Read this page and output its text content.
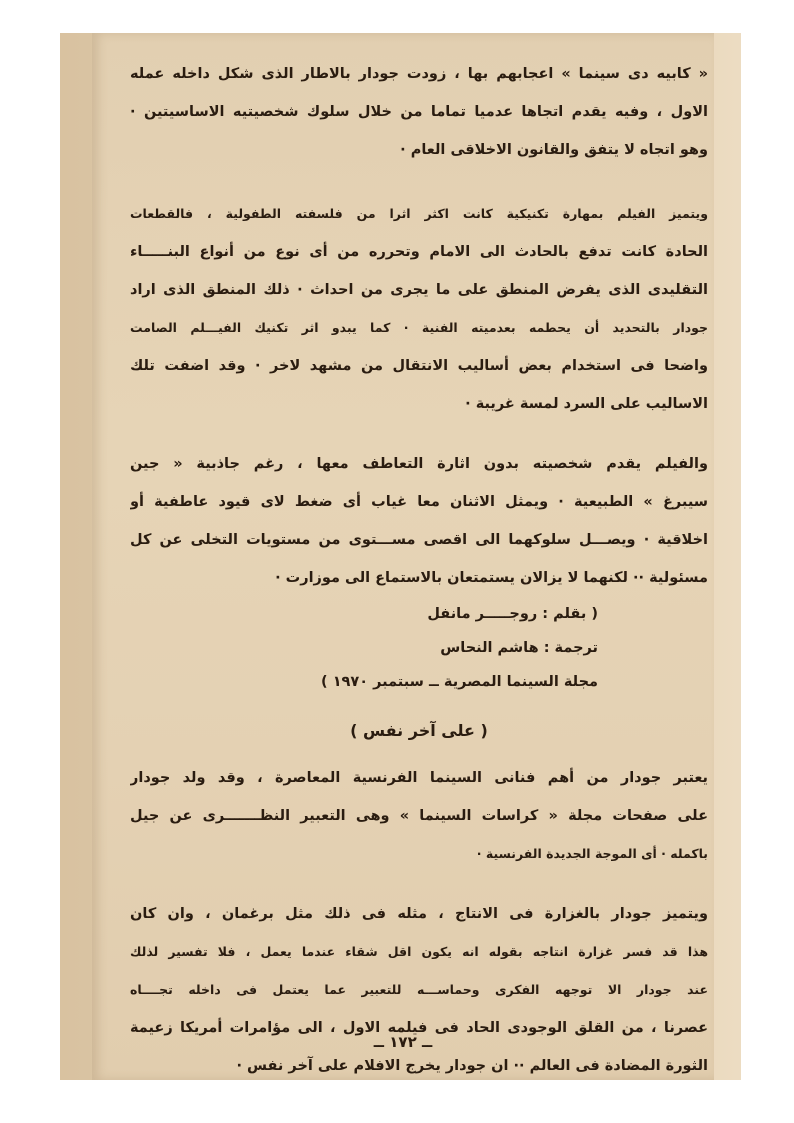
« كابيه دى سينما » اعجابهم بها ، زودت جودار بالاطار الذى شكل داخله عمله
الاول ، وفيه يقدم اتجاها عدميا تماما من خلال سلوك شخصيتيه الاساسيتين ·
وهو اتجاه لا يتفق والقانون الاخلاقى العام ·
ويتميز الفيلم بمهارة تكنيكية كانت اكثر اثرا من فلسفته الطفولية ، فالقطعات
الحادة كانت تدفع بالحادث الى الامام وتحرره من أى نوع من أنواع البنـــــاء
التقليدى الذى يفرض المنطق على ما يجرى من احداث · ذلك المنطق الذى اراد
جودار بالتحديد أن يحطمه بعدميته الفنية · كما يبدو اثر تكنيك الفيـــلم الصامت
واضحا فى استخدام بعض أساليب الانتقال من مشهد لاخر · وقد اضفت تلك
الاساليب على السرد لمسة غريبة ·
والفيلم يقدم شخصيته بدون اثارة التعاطف معها ، رغم جاذبية « جين
سيبرغ » الطبيعية · ويمثل الاثنان معا غياب أى ضغط لاى قيود عاطفية أو
اخلاقية · ويصـــل سلوكهما الى اقصى مســـتوى من مستويات التخلى عن كل
مسئولية ·· لكنهما لا يزالان يستمتعان بالاستماع الى موزارت ·
( بقلم : روجـــــر مانفل
ترجمة : هاشم النحاس
مجلة السينما المصرية ــ سبتمبر ١٩٧٠ )
( على آخر نفس )
يعتبر جودار من أهم فنانى السينما الفرنسية المعاصرة ، وقد ولد جودار
على صفحات مجلة « كراسات السينما » وهى التعبير النظـــــــرى عن جيل
باكمله · أى الموجة الجديدة الفرنسية ·
ويتميز جودار بالغزارة فى الانتاج ، مثله فى ذلك مثل برغمان ، وان كان
هذا قد فسر غزارة انتاجه بقوله انه يكون اقل شقاء عندما يعمل ، فلا تفسير لذلك
عند جودار الا توجهه الفكرى وحماســـه للتعبير عما يعتمل فى داخله تجــــاه
عصرنا ، من القلق الوجودى الحاد فى فيلمه الاول ، الى مؤامرات أمريكا زعيمة
الثورة المضادة فى العالم ·· ان جودار يخرج الافلام على آخر نفس ·
ــ ١٧٢ ــ
